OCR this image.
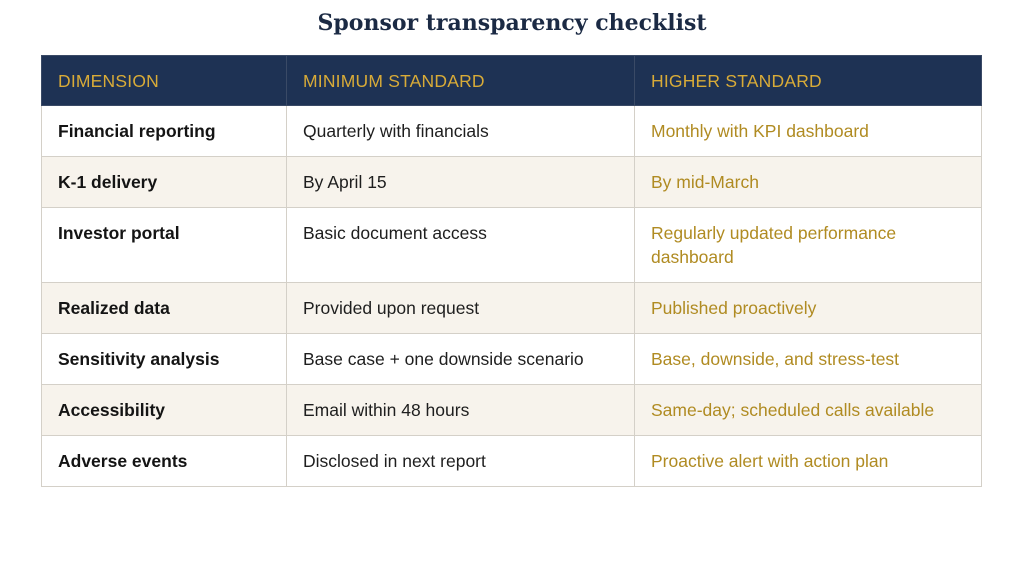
Sponsor transparency checklist
DIMENSION	MINIMUM STANDARD	HIGHER STANDARD
Financial reporting	Quarterly with financials	Monthly with KPI dashboard
K-1 delivery	By April 15	By mid-March
Investor portal	Basic document access	Regularly updated performance dashboard
Realized data	Provided upon request	Published proactively
Sensitivity analysis	Base case + one downside scenario	Base, downside, and stress-test
Accessibility	Email within 48 hours	Same-day; scheduled calls available
Adverse events	Disclosed in next report	Proactive alert with action plan
